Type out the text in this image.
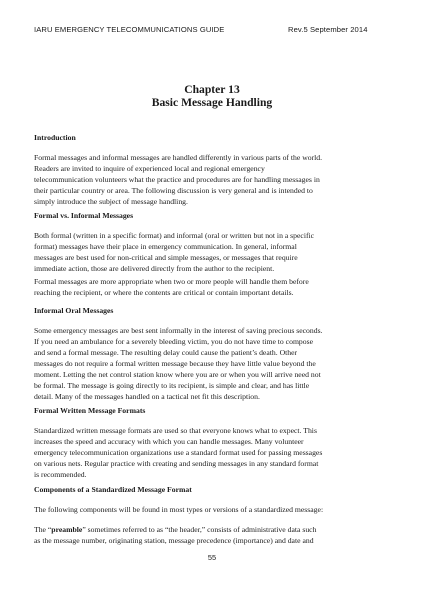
IARU EMERGENCY TELECOMMUNICATIONS GUIDE	Rev.5 September 2014
Chapter 13
Basic Message Handling
Introduction
Formal messages and informal messages are handled differently in various parts of the world.
Readers are invited to inquire of experienced local and regional emergency
telecommunication volunteers what the practice and procedures are for handling messages in
their particular country or area. The following discussion is very general and is intended to
simply introduce the subject of message handling.
Formal vs. Informal Messages
Both formal (written in a specific format) and informal (oral or written but not in a specific
format) messages have their place in emergency communication. In general, informal
messages are best used for non-critical and simple messages, or messages that require
immediate action, those are delivered directly from the author to the recipient.
Formal messages are more appropriate when two or more people will handle them before
reaching the recipient, or where the contents are critical or contain important details.
Informal Oral Messages
Some emergency messages are best sent informally in the interest of saving precious seconds.
If you need an ambulance for a severely bleeding victim, you do not have time to compose
and send a formal message. The resulting delay could cause the patient’s death. Other
messages do not require a formal written message because they have little value beyond the
moment. Letting the net control station know where you are or when you will arrive need not
be formal. The message is going directly to its recipient, is simple and clear, and has little
detail. Many of the messages handled on a tactical net fit this description.
Formal Written Message Formats
Standardized written message formats are used so that everyone knows what to expect. This
increases the speed and accuracy with which you can handle messages. Many volunteer
emergency telecommunication organizations use a standard format used for passing messages
on various nets. Regular practice with creating and sending messages in any standard format
is recommended.
Components of a Standardized Message Format
The following components will be found in most types or versions of a standardized message:
The “preamble” sometimes referred to as “the header,” consists of administrative data such
as the message number, originating station, message precedence (importance) and date and
55
